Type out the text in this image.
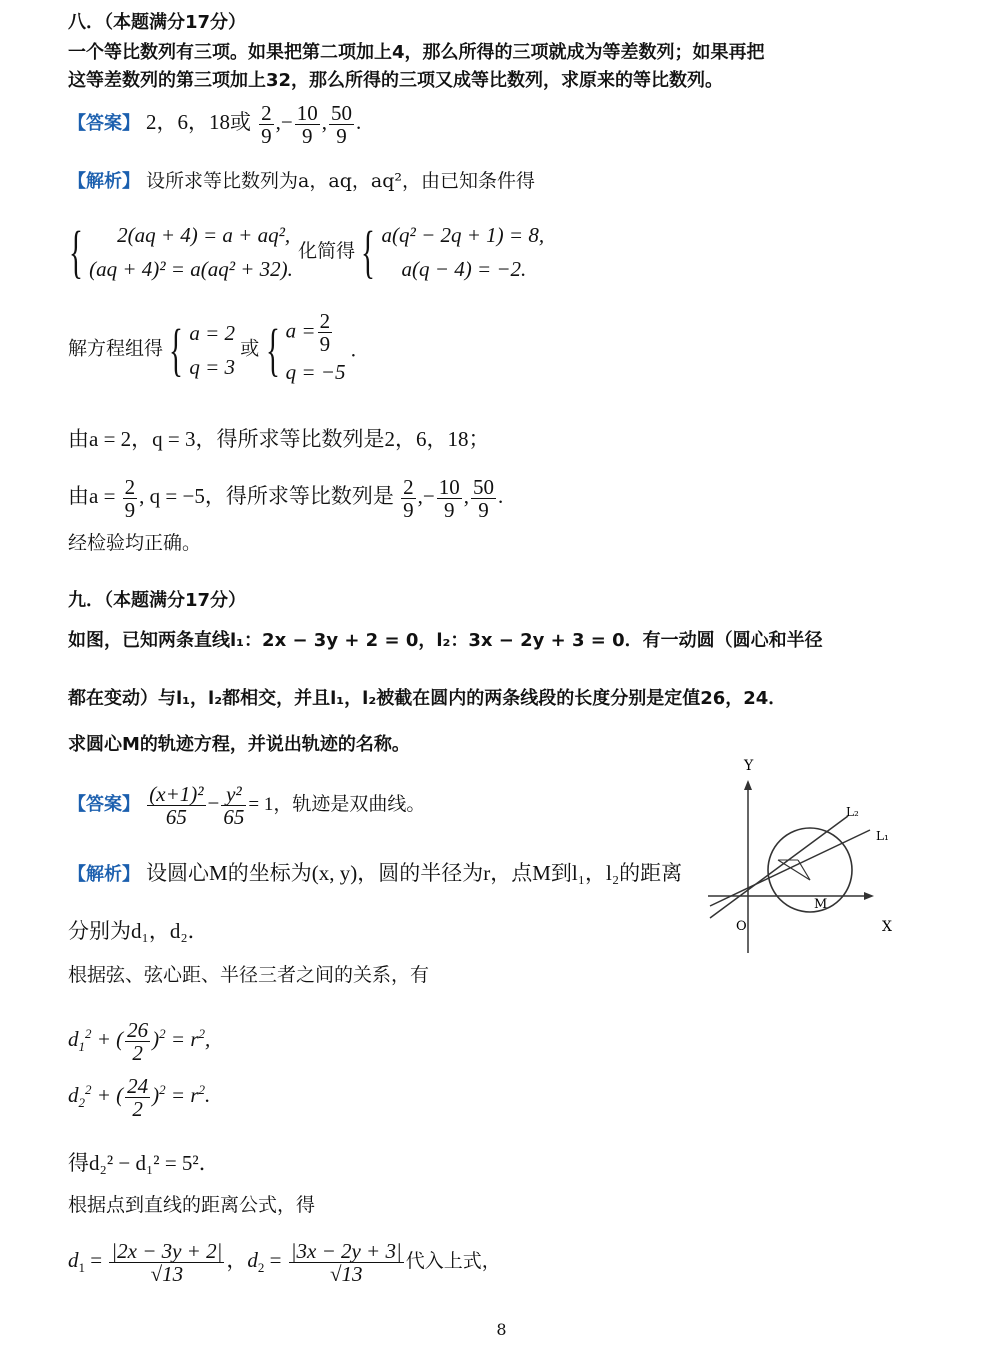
八．（本题满分17分）
一个等比数列有三项。如果把第二项加上4，那么所得的三项就成为等差数列；如果再把
这等差数列的第三项加上32，那么所得的三项又成等比数列，求原来的等比数列。
【答案】 2，6，18或 $\frac{2}{9}$ ,− $\frac{10}{9}$ , $\frac{50}{9}$ .
【解析】 设所求等比数列为a，aq，aq²，由已知条件得
{	2(aq + 4) = a + aq²,
(aq + 4)² = a(aq² + 32).
化简得 { a(q² − 2q + 1) = 8,
a(q − 4) = −2.
解方程组得 { a = 2
q = 3
或 { $a = \frac{2}{9}$
q = −5
.
由a = 2，q = 3，得所求等比数列是2，6，18；
由$a = \frac{2}{9}$ , q = −5，得所求等比数列是 $\frac{2}{9}$ ,− $\frac{10}{9}$ , $\frac{50}{9}$ .
经检验均正确。
九．（本题满分17分）
如图，已知两条直线l₁：2x − 3y + 2 = 0，l₂：3x − 2y + 3 = 0．有一动圆（圆心和半径
都在变动）与l₁，l₂都相交，并且l₁，l₂被截在圆内的两条线段的长度分别是定值26，24．
求圆心M的轨迹方程，并说出轨迹的名称。
【答案】 $\frac{\text{(x+1)²}}{65} - \frac{\text{y²}}{65} = 1$，轨迹是双曲线。
【解析】 设圆心M的坐标为(x, y)，圆的半径为r，点M到l₁，l₂的距离
分别为d₁，d₂．
根据弦、弦心距、半径三者之间的关系，有
$d_1^2$ + ( $\frac{26}{2} )^2 = r^2$,
$d_2^2$ + ( $\frac{24}{2} )^2 = r^2$.
得d₂² − d₁² = 5²．
根据点到直线的距离公式，得
$d_1 = \frac{|2x - 3y + 2|}{√13}$ ，$d_2 = \frac{|3x - 2y + 3|}{√13}$ 代入上式，
Y
X
O
M
L₁
L₂
8
